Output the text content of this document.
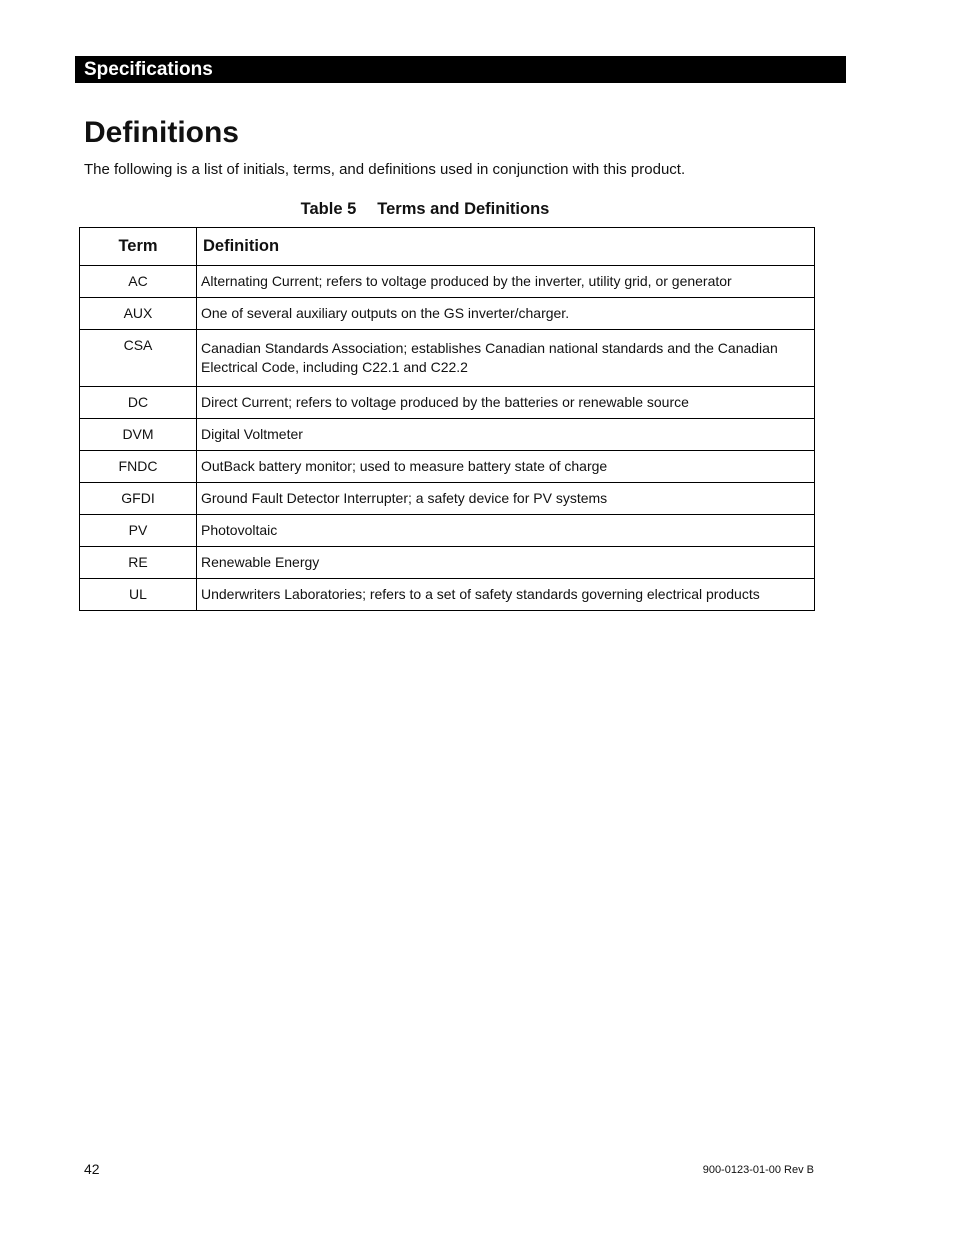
Specifications
Definitions

The following is a list of initials, terms, and definitions used in conjunction with this product.

Table 5 Terms and Definitions
Term	Definition
AC	Alternating Current; refers to voltage produced by the inverter, utility grid, or generator
AUX	One of several auxiliary outputs on the GS inverter/charger.
CSA	Canadian Standards Association; establishes Canadian national standards and the Canadian Electrical Code, including C22.1 and C22.2
DC	Direct Current; refers to voltage produced by the batteries or renewable source
DVM	Digital Voltmeter
FNDC	OutBack battery monitor; used to measure battery state of charge
GFDI	Ground Fault Detector Interrupter; a safety device for PV systems
PV	Photovoltaic
RE	Renewable Energy
UL	Underwriters Laboratories; refers to a set of safety standards governing electrical products
42	900-0123-01-00 Rev B
